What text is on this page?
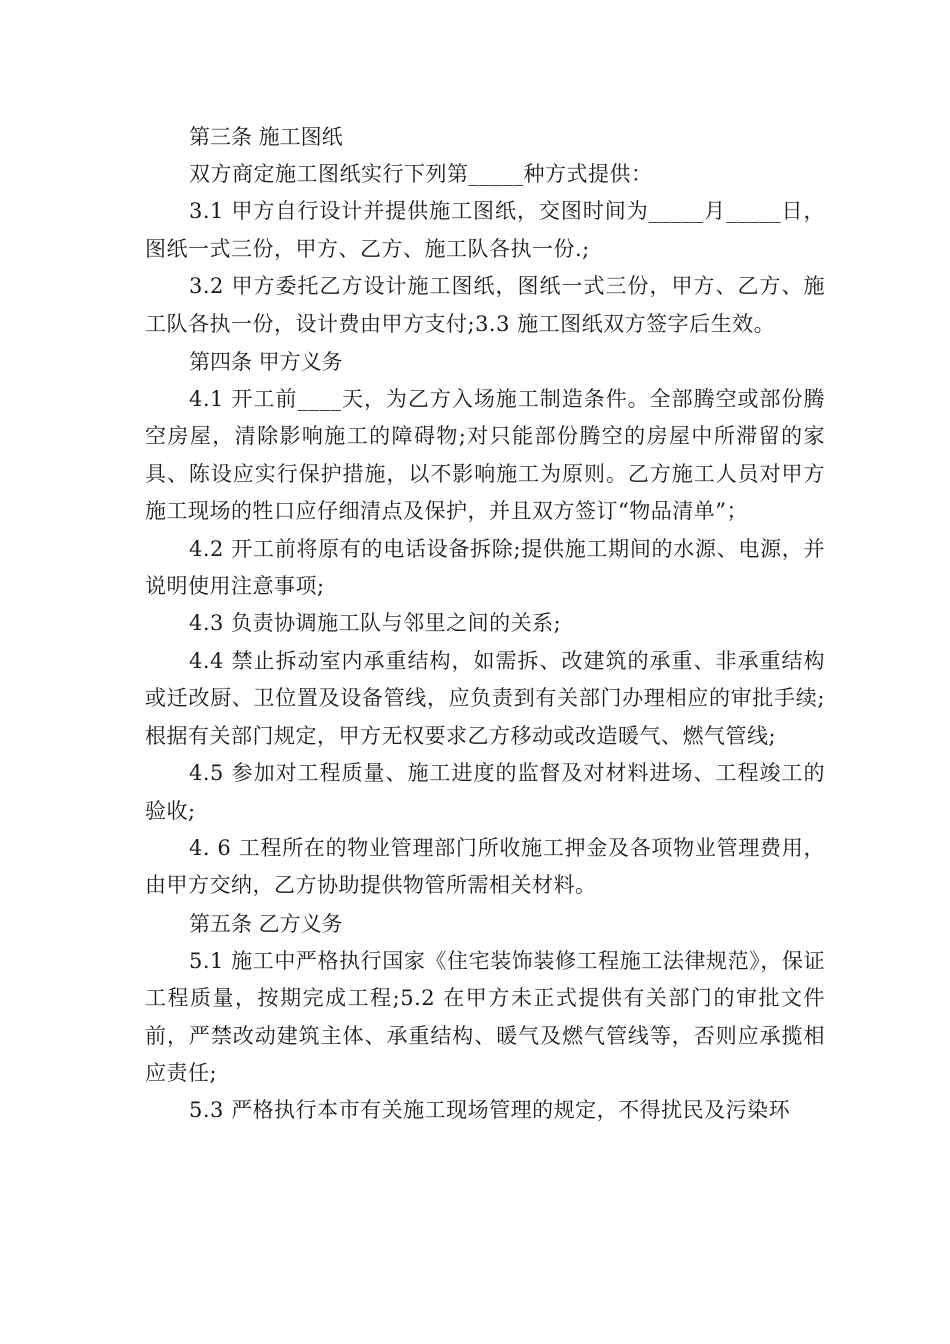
第三条 施工图纸

双方商定施工图纸实行下列第_____种方式提供：

3.1 甲方自行设计并提供施工图纸，交图时间为_____月_____日，图纸一式三份，甲方、乙方、施工队各执一份.;

3.2 甲方委托乙方设计施工图纸，图纸一式三份，甲方、乙方、施工队各执一份，设计费由甲方支付;3.3 施工图纸双方签字后生效。

第四条 甲方义务

4.1 开工前____天，为乙方入场施工制造条件。全部腾空或部份腾空房屋，清除影响施工的障碍物;对只能部份腾空的房屋中所滞留的家具、陈设应实行保护措施，以不影响施工为原则。乙方施工人员对甲方施工现场的牲口应仔细清点及保护，并且双方签订“物品清单”；

4.2 开工前将原有的电话设备拆除;提供施工期间的水源、电源，并说明使用注意事项;

4.3 负责协调施工队与邻里之间的关系;

4.4 禁止拆动室内承重结构，如需拆、改建筑的承重、非承重结构或迁改厨、卫位置及设备管线，应负责到有关部门办理相应的审批手续;根据有关部门规定，甲方无权要求乙方移动或改造暖气、燃气管线;

4.5 参加对工程质量、施工进度的监督及对材料进场、工程竣工的验收;

4. 6 工程所在的物业管理部门所收施工押金及各项物业管理费用，由甲方交纳，乙方协助提供物管所需相关材料。

第五条 乙方义务

5.1 施工中严格执行国家《住宅装饰装修工程施工法律规范》，保证工程质量，按期完成工程;5.2 在甲方未正式提供有关部门的审批文件前，严禁改动建筑主体、承重结构、暖气及燃气管线等，否则应承揽相应责任;

5.3 严格执行本市有关施工现场管理的规定，不得扰民及污染环
